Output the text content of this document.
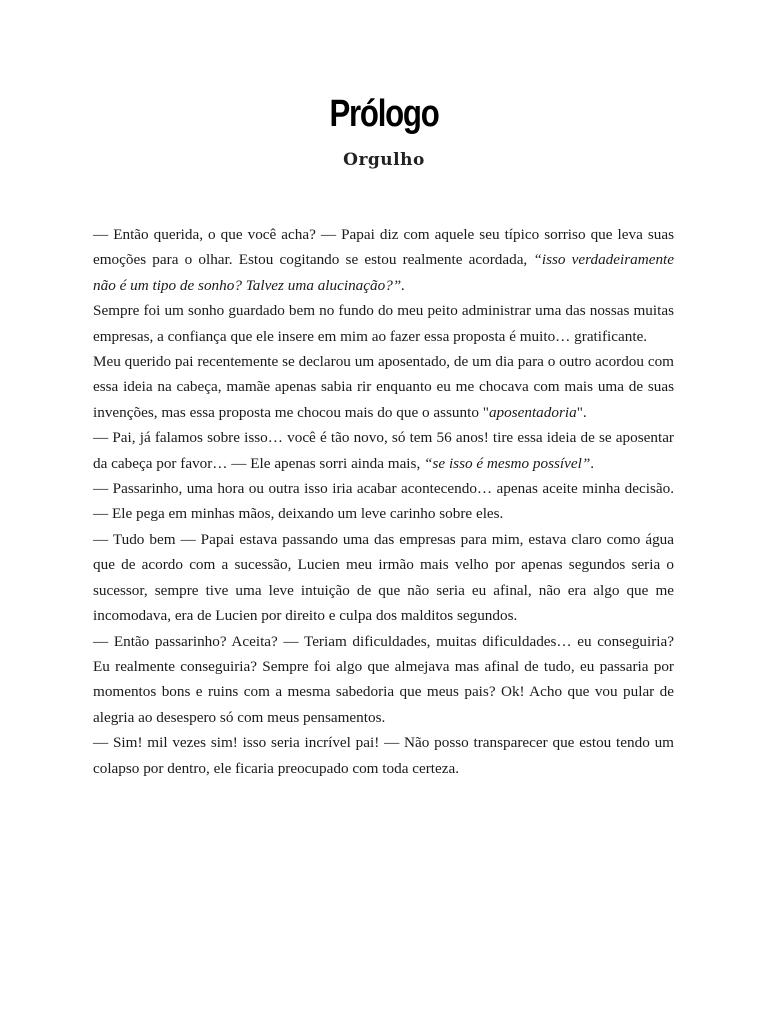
Prólogo
Orgulho

— Então querida, o que você acha? — Papai diz com aquele seu típico sorriso que leva suas emoções para o olhar. Estou cogitando se estou realmente acordada, “isso verdadeiramente não é um tipo de sonho? Talvez uma alucinação?”.

Sempre foi um sonho guardado bem no fundo do meu peito administrar uma das nossas muitas empresas, a confiança que ele insere em mim ao fazer essa proposta é muito… gratificante.

Meu querido pai recentemente se declarou um aposentado, de um dia para o outro acordou com essa ideia na cabeça, mamãe apenas sabia rir enquanto eu me chocava com mais uma de suas invenções, mas essa proposta me chocou mais do que o assunto "aposentadoria".

— Pai, já falamos sobre isso… você é tão novo, só tem 56 anos! tire essa ideia de se aposentar da cabeça por favor… — Ele apenas sorri ainda mais, “se isso é mesmo possível”.

— Passarinho, uma hora ou outra isso iria acabar acontecendo… apenas aceite minha decisão. — Ele pega em minhas mãos, deixando um leve carinho sobre eles.

— Tudo bem — Papai estava passando uma das empresas para mim, estava claro como água que de acordo com a sucessão, Lucien meu irmão mais velho por apenas segundos seria o sucessor, sempre tive uma leve intuição de que não seria eu afinal, não era algo que me incomodava, era de Lucien por direito e culpa dos malditos segundos.

— Então passarinho? Aceita? — Teriam dificuldades, muitas dificuldades… eu conseguiria? Eu realmente conseguiria? Sempre foi algo que almejava mas afinal de tudo, eu passaria por momentos bons e ruins com a mesma sabedoria que meus pais? Ok! Acho que vou pular de alegria ao desespero só com meus pensamentos.

— Sim! mil vezes sim! isso seria incrível pai! — Não posso transparecer que estou tendo um colapso por dentro, ele ficaria preocupado com toda certeza.
